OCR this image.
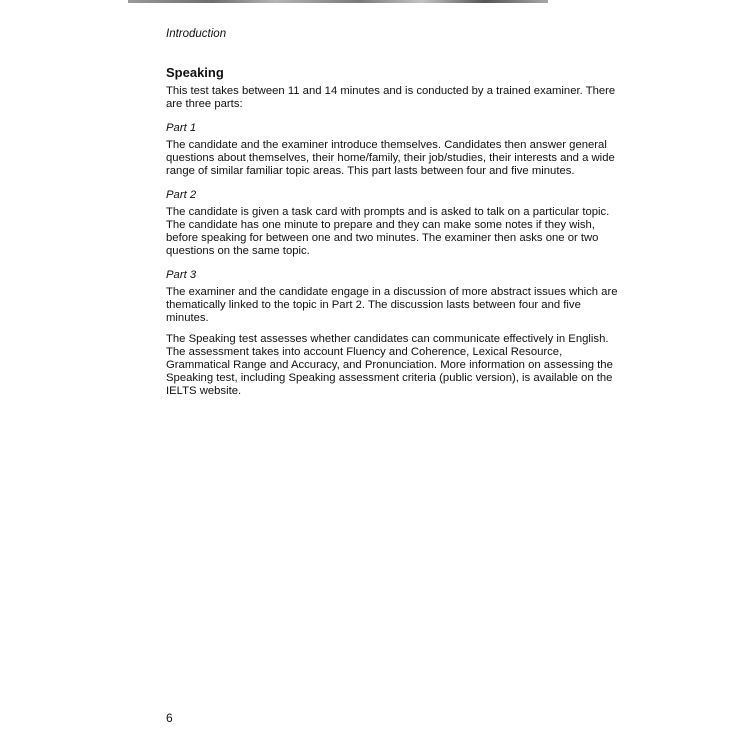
Introduction
Speaking

This test takes between 11 and 14 minutes and is conducted by a trained examiner. There are three parts:

Part 1

The candidate and the examiner introduce themselves. Candidates then answer general questions about themselves, their home/family, their job/studies, their interests and a wide range of similar familiar topic areas. This part lasts between four and five minutes.

Part 2

The candidate is given a task card with prompts and is asked to talk on a particular topic. The candidate has one minute to prepare and they can make some notes if they wish, before speaking for between one and two minutes. The examiner then asks one or two questions on the same topic.

Part 3

The examiner and the candidate engage in a discussion of more abstract issues which are thematically linked to the topic in Part 2. The discussion lasts between four and five minutes.

The Speaking test assesses whether candidates can communicate effectively in English. The assessment takes into account Fluency and Coherence, Lexical Resource, Grammatical Range and Accuracy, and Pronunciation. More information on assessing the Speaking test, including Speaking assessment criteria (public version), is available on the IELTS website.

6
